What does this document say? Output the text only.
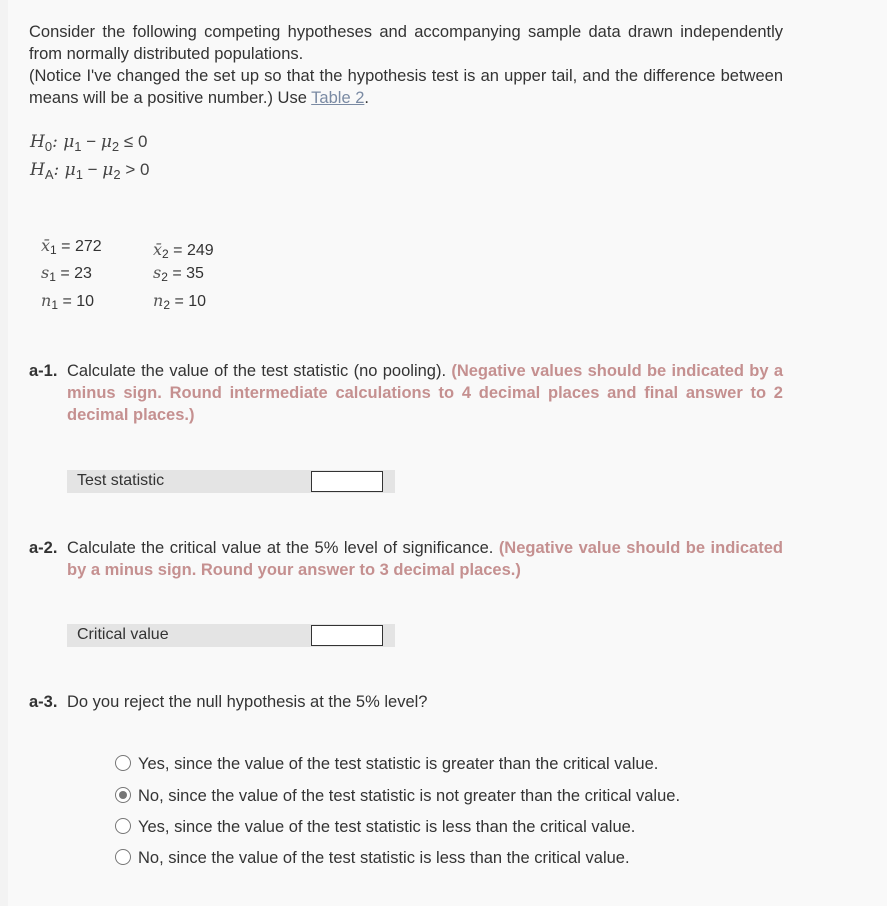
Consider the following competing hypotheses and accompanying sample data drawn independently from normally distributed populations.
(Notice I've changed the set up so that the hypothesis test is an upper tail, and the difference between means will be a positive number.) Use Table 2.
$H_0$: $\mu_1 - \mu_2 \le 0$
$H_A$: $\mu_1 - \mu_2 > 0$
$x̄_1 = 272$	$x̄_2 = 249$
$s_1 = 23$	$s_2 = 35$
$n_1 = 10$	$n_2 = 10$
a-1. Calculate the value of the test statistic (no pooling). (Negative values should be indicated by a minus sign. Round intermediate calculations to 4 decimal places and final answer to 2 decimal places.)
Test statistic
a-2. Calculate the critical value at the 5% level of significance. (Negative value should be indicated by a minus sign. Round your answer to 3 decimal places.)
Critical value
a-3. Do you reject the null hypothesis at the 5% level?
Yes, since the value of the test statistic is greater than the critical value.
No, since the value of the test statistic is not greater than the critical value.
Yes, since the value of the test statistic is less than the critical value.
No, since the value of the test statistic is less than the critical value.
